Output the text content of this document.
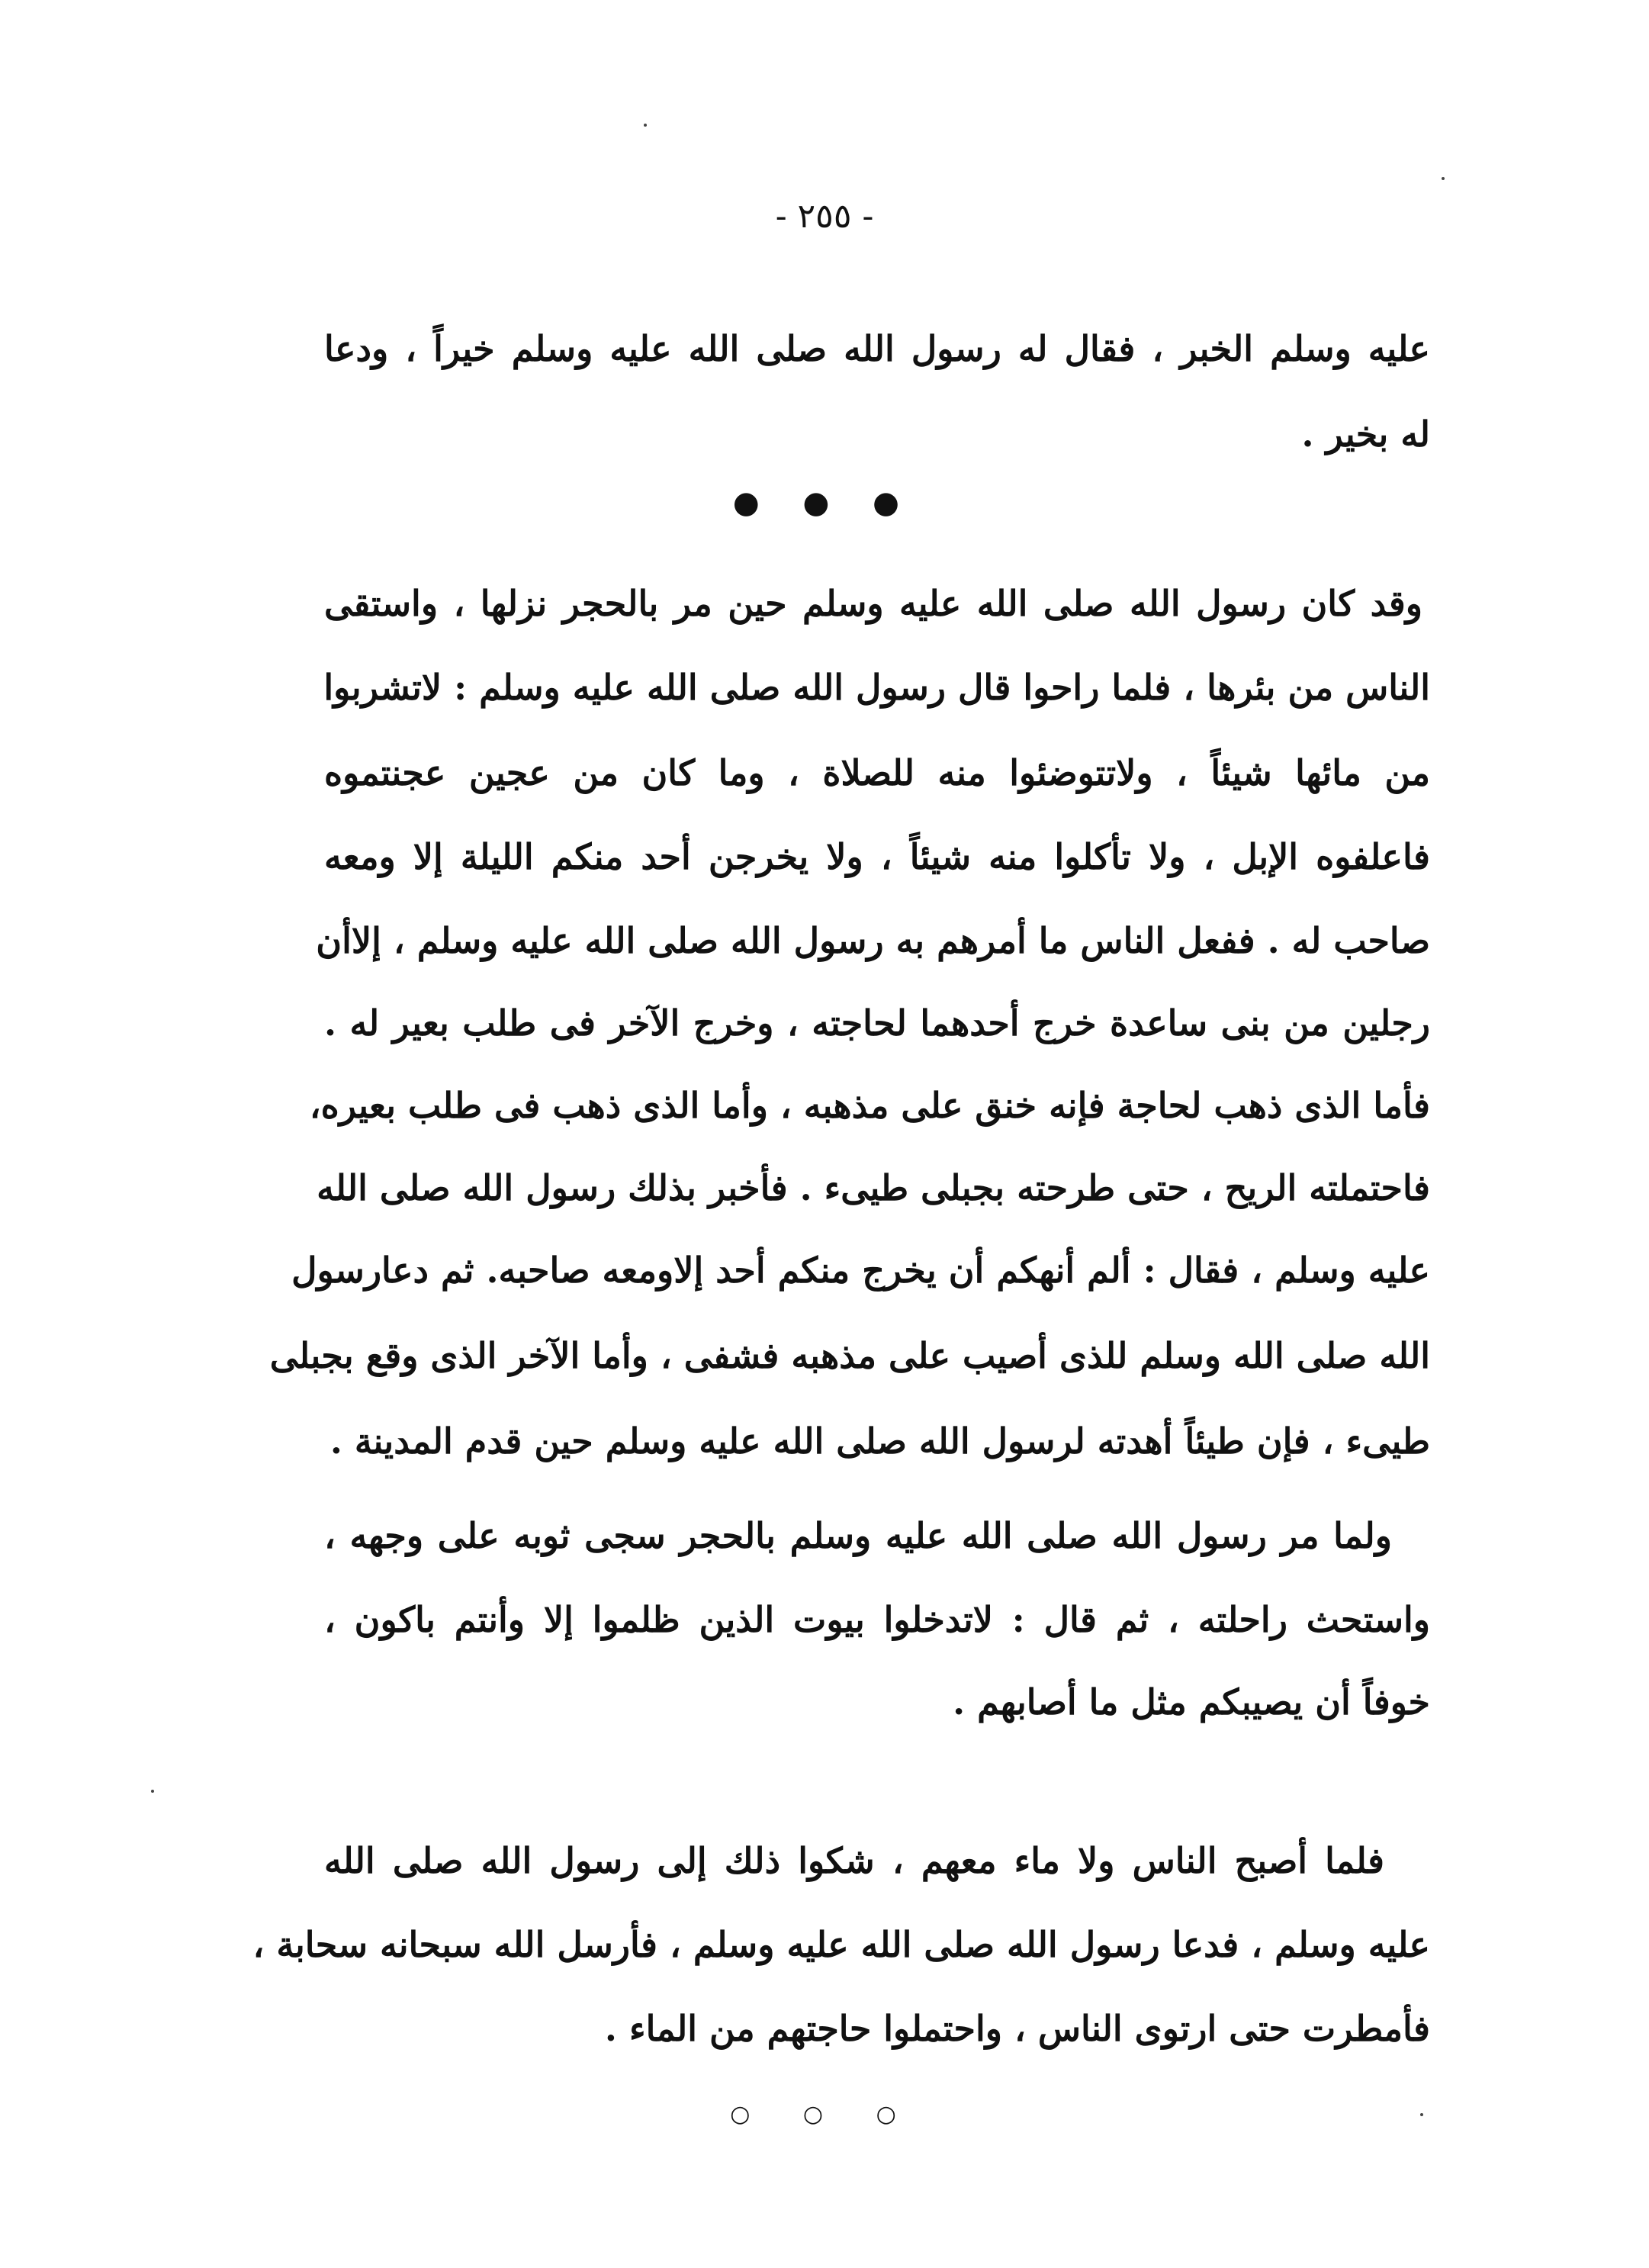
- ٢٥٥ -
عليه وسلم الخبر ، فقال له رسول الله صلى الله عليه وسلم خيراً ، ودعا
له بخير .
● ● ●
وقد كان رسول الله صلى الله عليه وسلم حين مر بالحجر نزلها ، واستقى
الناس من بئرها ، فلما راحوا قال رسول الله صلى الله عليه وسلم : لاتشربوا
من مائها شيئاً ، ولاتتوضئوا منه للصلاة ، وما كان من عجين عجنتموه
فاعلفوه الإبل ، ولا تأكلوا منه شيئاً ، ولا يخرجن أحد منكم الليلة إلا ومعه
صاحب له . ففعل الناس ما أمرهم به رسول الله صلى الله عليه وسلم ، إلاأن
رجلين من بنى ساعدة خرج أحدهما لحاجته ، وخرج الآخر فى طلب بعير له .
فأما الذى ذهب لحاجة فإنه خنق على مذهبه ، وأما الذى ذهب فى طلب بعيره،
فاحتملته الريح ، حتى طرحته بجبلى طيىء . فأخبر بذلك رسول الله صلى الله
عليه وسلم ، فقال : ألم أنهكم أن يخرج منكم أحد إلاومعه صاحبه. ثم دعارسول
الله صلى الله وسلم للذى أصيب على مذهبه فشفى ، وأما الآخر الذى وقع بجبلى
طيىء ، فإن طيئاً أهدته لرسول الله صلى الله عليه وسلم حين قدم المدينة .
ولما مر رسول الله صلى الله عليه وسلم بالحجر سجى ثوبه على وجهه ،
واستحث راحلته ، ثم قال : لاتدخلوا بيوت الذين ظلموا إلا وأنتم باكون ،
خوفاً أن يصيبكم مثل ما أصابهم .
فلما أصبح الناس ولا ماء معهم ، شكوا ذلك إلى رسول الله صلى الله
عليه وسلم ، فدعا رسول الله صلى الله عليه وسلم ، فأرسل الله سبحانه سحابة ،
فأمطرت حتى ارتوى الناس ، واحتملوا حاجتهم من الماء .
○ ○ ○
